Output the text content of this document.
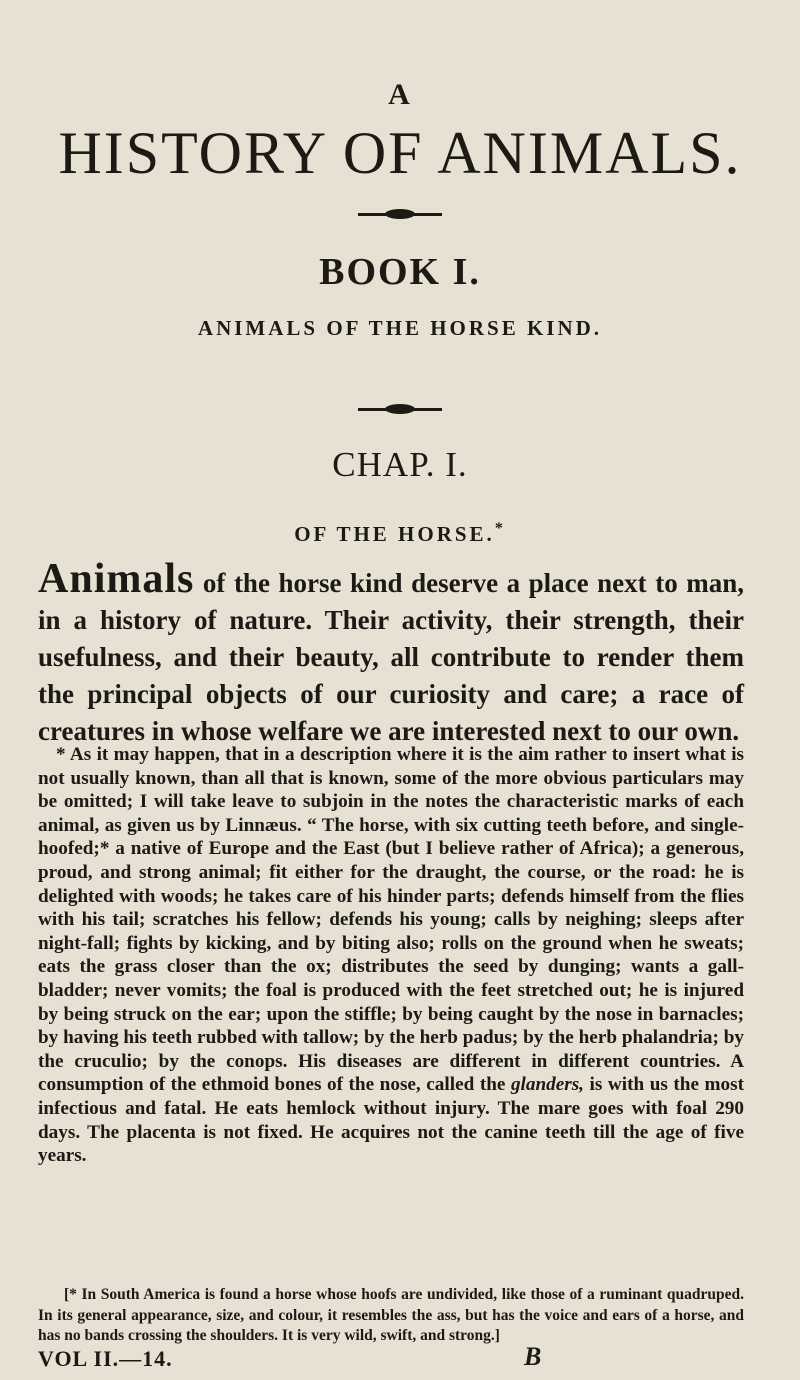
A
HISTORY OF ANIMALS.
BOOK I.
ANIMALS OF THE HORSE KIND.
CHAP. I.
OF THE HORSE.*
Animals of the horse kind deserve a place next to man, in a history of nature. Their activity, their strength, their usefulness, and their beauty, all contribute to render them the principal objects of our curiosity and care; a race of creatures in whose welfare we are interested next to our own.

* As it may happen, that in a description where it is the aim rather to insert what is not usually known, than all that is known, some of the more obvious particulars may be omitted; I will take leave to subjoin in the notes the characteristic marks of each animal, as given us by Linnæus. “ The horse, with six cutting teeth before, and single-hoofed;* a native of Europe and the East (but I believe rather of Africa); a generous, proud, and strong animal; fit either for the draught, the course, or the road: he is delighted with woods; he takes care of his hinder parts; defends himself from the flies with his tail; scratches his fellow; defends his young; calls by neighing; sleeps after night-fall; fights by kicking, and by biting also; rolls on the ground when he sweats; eats the grass closer than the ox; distributes the seed by dunging; wants a gall-bladder; never vomits; the foal is produced with the feet stretched out; he is injured by being struck on the ear; upon the stiffle; by being caught by the nose in barnacles; by having his teeth rubbed with tallow; by the herb padus; by the herb phalandria; by the cruculio; by the conops. His diseases are different in different countries. A consumption of the ethmoid bones of the nose, called the glanders, is with us the most infectious and fatal. He eats hemlock without injury. The mare goes with foal 290 days. The placenta is not fixed. He acquires not the canine teeth till the age of five years.

[* In South America is found a horse whose hoofs are undivided, like those of a ruminant quadruped. In its general appearance, size, and colour, it resembles the ass, but has the voice and ears of a horse, and has no bands crossing the shoulders. It is very wild, swift, and strong.]

VOL II.—14.	B
